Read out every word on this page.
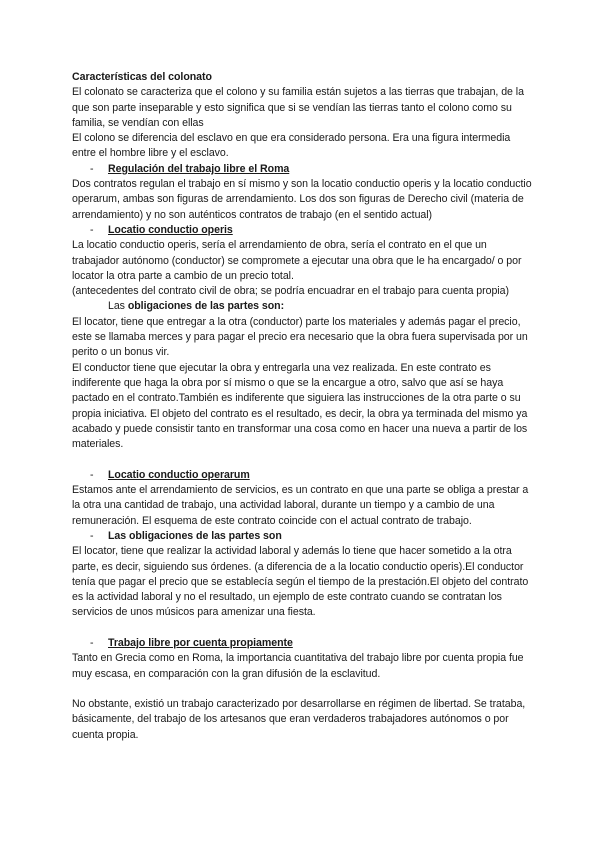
Características del colonato

El colonato se caracteriza que el colono y su familia están sujetos a las tierras que trabajan, de la que son parte inseparable y esto significa que si se vendían las tierras tanto el colono como su familia, se vendían con ellas

El colono se diferencia del esclavo en que era considerado persona. Era una figura intermedia entre el hombre libre y el esclavo.

- Regulación del trabajo libre el Roma

Dos contratos regulan el trabajo en sí mismo y son la locatio conductio operis y la locatio conductio operarum, ambas son figuras de arrendamiento. Los dos son figuras de Derecho civil (materia de arrendamiento) y no son auténticos contratos de trabajo (en el sentido actual)

- Locatio conductio operis

La locatio conductio operis, sería el arrendamiento de obra, sería el contrato en el que un trabajador autónomo (conductor) se compromete a ejecutar una obra que le ha encargado/ o por locator la otra parte a cambio de un precio total.

(antecedentes del contrato civil de obra; se podría encuadrar en el trabajo para cuenta propia)

Las obligaciones de las partes son:

El locator, tiene que entregar a la otra (conductor) parte los materiales y además pagar el precio, este se llamaba merces y para pagar el precio era necesario que la obra fuera supervisada por un perito o un bonus vir.

El conductor tiene que ejecutar la obra y entregarla una vez realizada. En este contrato es indiferente que haga la obra por sí mismo o que se la encargue a otro, salvo que así se haya pactado en el contrato.También es indiferente que siguiera las instrucciones de la otra parte o su propia iniciativa. El objeto del contrato es el resultado, es decir, la obra ya terminada del mismo ya acabado y puede consistir tanto en transformar una cosa como en hacer una nueva a partir de los materiales.

- Locatio conductio operarum

Estamos ante el arrendamiento de servicios, es un contrato en que una parte se obliga a prestar a la otra una cantidad de trabajo, una actividad laboral, durante un tiempo y a cambio de una remuneración. El esquema de este contrato coincide con el actual contrato de trabajo.

- Las obligaciones de las partes son

El locator, tiene que realizar la actividad laboral y además lo tiene que hacer sometido a la otra parte, es decir, siguiendo sus órdenes. (a diferencia de a la locatio conductio operis).El conductor tenía que pagar el precio que se establecía según el tiempo de la prestación.El objeto del contrato es la actividad laboral y no el resultado, un ejemplo de este contrato cuando se contratan los servicios de unos músicos para amenizar una fiesta.

- Trabajo libre por cuenta propiamente

Tanto en Grecia como en Roma, la importancia cuantitativa del trabajo libre por cuenta propia fue muy escasa, en comparación con la gran difusión de la esclavitud.

No obstante, existió un trabajo caracterizado por desarrollarse en régimen de libertad. Se trataba, básicamente, del trabajo de los artesanos que eran verdaderos trabajadores autónomos o por cuenta propia.
